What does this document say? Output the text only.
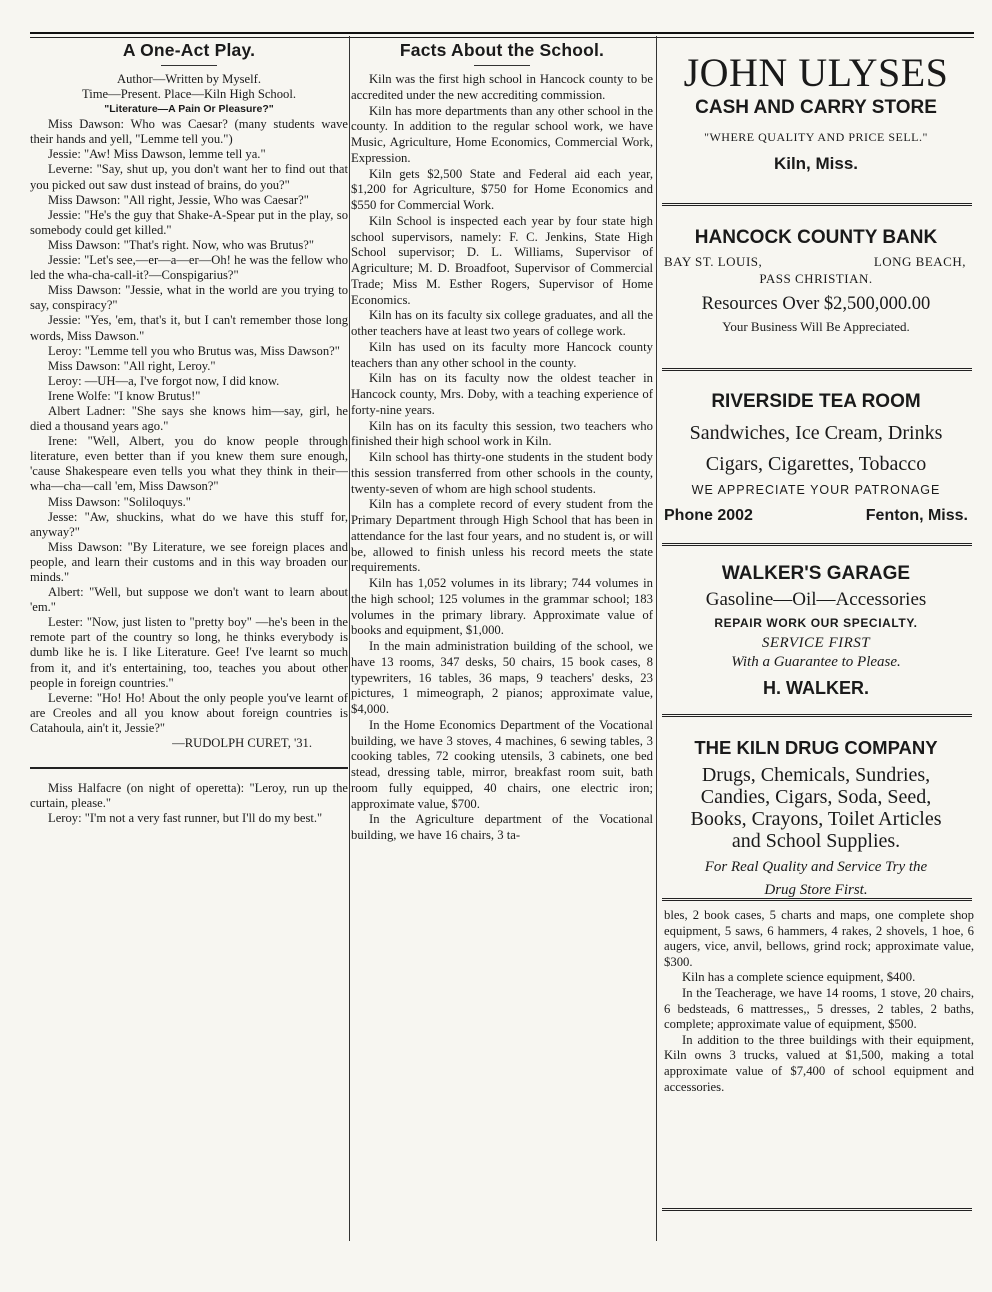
A One-Act Play.

Author—Written by Myself.

Time—Present. Place—Kiln High School.

"Literature—A Pain Or Pleasure?"

Miss Dawson: Who was Caesar? (many students wave their hands and yell, "Lemme tell you.")

Jessie: "Aw! Miss Dawson, lemme tell ya."

Leverne: "Say, shut up, you don't want her to find out that you picked out saw dust instead of brains, do you?"

Miss Dawson: "All right, Jessie, Who was Caesar?"

Jessie: "He's the guy that Shake-A-Spear put in the play, so somebody could get killed."

Miss Dawson: "That's right. Now, who was Brutus?"

Jessie: "Let's see,—er—a—er—Oh! he was the fellow who led the wha-cha-call-it?—Conspigarius?"

Miss Dawson: "Jessie, what in the world are you trying to say, conspiracy?"

Jessie: "Yes, 'em, that's it, but I can't remember those long words, Miss Dawson."

Leroy: "Lemme tell you who Brutus was, Miss Dawson?"

Miss Dawson: "All right, Leroy."

Leroy: —UH—a, I've forgot now, I did know.

Irene Wolfe: "I know Brutus!"

Albert Ladner: "She says she knows him—say, girl, he died a thousand years ago."

Irene: "Well, Albert, you do know people through literature, even better than if you knew them sure enough, 'cause Shakespeare even tells you what they think in their—wha—cha—call 'em, Miss Dawson?"

Miss Dawson: "Soliloquys."

Jesse: "Aw, shuckins, what do we have this stuff for, anyway?"

Miss Dawson: "By Literature, we see foreign places and people, and learn their customs and in this way broaden our minds."

Albert: "Well, but suppose we don't want to learn about 'em."

Lester: "Now, just listen to "pretty boy" —he's been in the remote part of the country so long, he thinks everybody is dumb like he is. I like Literature. Gee! I've learnt so much from it, and it's entertaining, too, teaches you about other people in foreign countries."

Leverne: "Ho! Ho! About the only people you've learnt of are Creoles and all you know about foreign countries is Catahoula, ain't it, Jessie?"

—RUDOLPH CURET, '31.

Miss Halfacre (on night of operetta): "Leroy, run up the curtain, please."

Leroy: "I'm not a very fast runner, but I'll do my best."

Facts About the School.

Kiln was the first high school in Hancock county to be accredited under the new accrediting commission.

Kiln has more departments than any other school in the county. In addition to the regular school work, we have Music, Agriculture, Home Economics, Commercial Work, Expression.

Kiln gets $2,500 State and Federal aid each year, $1,200 for Agriculture, $750 for Home Economics and $550 for Commercial Work.

Kiln School is inspected each year by four state high school supervisors, namely: F. C. Jenkins, State High School supervisor; D. L. Williams, Supervisor of Agriculture; M. D. Broadfoot, Supervisor of Commercial Trade; Miss M. Esther Rogers, Supervisor of Home Economics.

Kiln has on its faculty six college graduates, and all the other teachers have at least two years of college work.

Kiln has used on its faculty more Hancock county teachers than any other school in the county.

Kiln has on its faculty now the oldest teacher in Hancock county, Mrs. Doby, with a teaching experience of forty-nine years.

Kiln has on its faculty this session, two teachers who finished their high school work in Kiln.

Kiln school has thirty-one students in the student body this session transferred from other schools in the county, twenty-seven of whom are high school students.

Kiln has a complete record of every student from the Primary Department through High School that has been in attendance for the last four years, and no student is, or will be, allowed to finish unless his record meets the state requirements.

Kiln has 1,052 volumes in its library; 744 volumes in the high school; 125 volumes in the grammar school; 183 volumes in the primary library. Approximate value of books and equipment, $1,000.

In the main administration building of the school, we have 13 rooms, 347 desks, 50 chairs, 15 book cases, 8 typewriters, 16 tables, 36 maps, 9 teachers' desks, 23 pictures, 1 mimeograph, 2 pianos; approximate value, $4,000.

In the Home Economics Department of the Vocational building, we have 3 stoves, 4 machines, 6 sewing tables, 3 cooking tables, 72 cooking utensils, 3 cabinets, one bed stead, dressing table, mirror, breakfast room suit, bath room fully equipped, 40 chairs, one electric iron; approximate value, $700.

In the Agriculture department of the Vocational building, we have 16 chairs, 3 ta-

JOHN ULYSES
CASH AND CARRY STORE
"WHERE QUALITY AND PRICE SELL."
Kiln, Miss.
HANCOCK COUNTY BANK
BAY ST. LOUIS,	LONG BEACH,
PASS CHRISTIAN.
Resources Over $2,500,000.00
Your Business Will Be Appreciated.
RIVERSIDE TEA ROOM
Sandwiches, Ice Cream, Drinks
Cigars, Cigarettes, Tobacco
WE APPRECIATE YOUR PATRONAGE
Phone 2002	Fenton, Miss.
WALKER'S GARAGE
Gasoline—Oil—Accessories
REPAIR WORK OUR SPECIALTY.
SERVICE FIRST
With a Guarantee to Please.
H. WALKER.
THE KILN DRUG COMPANY
Drugs, Chemicals, Sundries,
Candies, Cigars, Soda, Seed,
Books, Crayons, Toilet Articles
and School Supplies.
For Real Quality and Service Try the
Drug Store First.

bles, 2 book cases, 5 charts and maps, one complete shop equipment, 5 saws, 6 hammers, 4 rakes, 2 shovels, 1 hoe, 6 augers, vice, anvil, bellows, grind rock; approximate value, $300.

Kiln has a complete science equipment, $400.

In the Teacherage, we have 14 rooms, 1 stove, 20 chairs, 6 bedsteads, 6 mattresses,, 5 dresses, 2 tables, 2 baths, complete; approximate value of equipment, $500.

In addition to the three buildings with their equipment, Kiln owns 3 trucks, valued at $1,500, making a total approximate value of $7,400 of school equipment and accessories.
